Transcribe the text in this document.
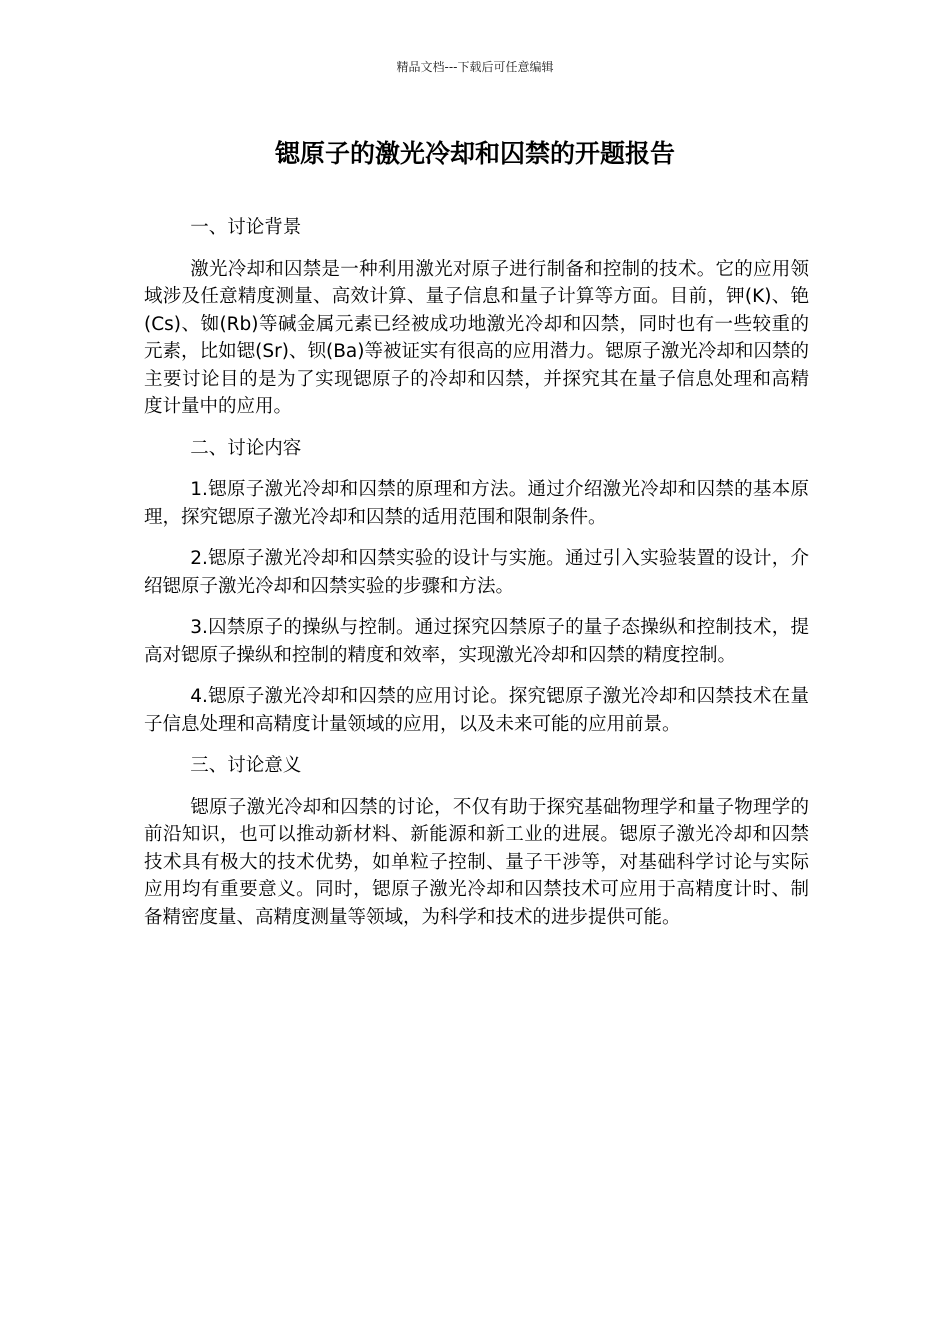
精品文档---下载后可任意编辑
锶原子的激光冷却和囚禁的开题报告

一、讨论背景

激光冷却和囚禁是一种利用激光对原子进行制备和控制的技术。它的应用领域涉及任意精度测量、高效计算、量子信息和量子计算等方面。目前，钾(K)、铯(Cs)、铷(Rb)等碱金属元素已经被成功地激光冷却和囚禁，同时也有一些较重的元素，比如锶(Sr)、钡(Ba)等被证实有很高的应用潜力。锶原子激光冷却和囚禁的主要讨论目的是为了实现锶原子的冷却和囚禁，并探究其在量子信息处理和高精度计量中的应用。

二、讨论内容

1.锶原子激光冷却和囚禁的原理和方法。通过介绍激光冷却和囚禁的基本原理，探究锶原子激光冷却和囚禁的适用范围和限制条件。

2.锶原子激光冷却和囚禁实验的设计与实施。通过引入实验装置的设计，介绍锶原子激光冷却和囚禁实验的步骤和方法。

3.囚禁原子的操纵与控制。通过探究囚禁原子的量子态操纵和控制技术，提高对锶原子操纵和控制的精度和效率，实现激光冷却和囚禁的精度控制。

4.锶原子激光冷却和囚禁的应用讨论。探究锶原子激光冷却和囚禁技术在量子信息处理和高精度计量领域的应用，以及未来可能的应用前景。

三、讨论意义

锶原子激光冷却和囚禁的讨论，不仅有助于探究基础物理学和量子物理学的前沿知识，也可以推动新材料、新能源和新工业的进展。锶原子激光冷却和囚禁技术具有极大的技术优势，如单粒子控制、量子干涉等，对基础科学讨论与实际应用均有重要意义。同时，锶原子激光冷却和囚禁技术可应用于高精度计时、制备精密度量、高精度测量等领域，为科学和技术的进步提供可能。
